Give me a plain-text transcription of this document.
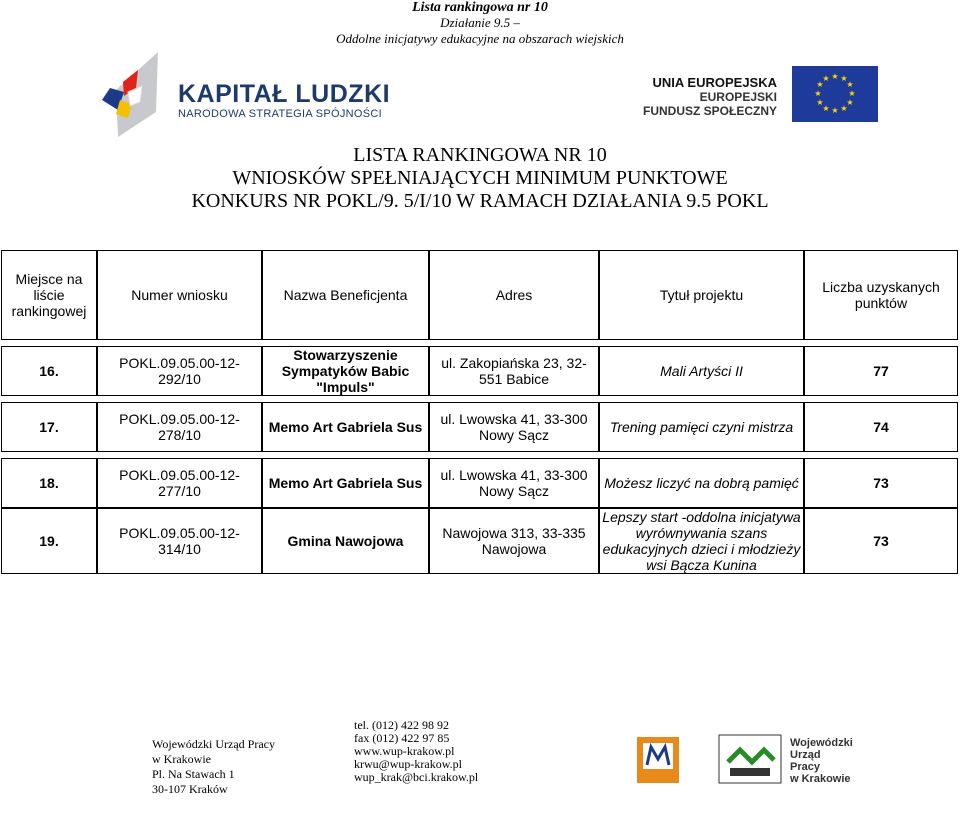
Lista rankingowa nr 10
Działanie 9.5 –
Oddolne inicjatywy edukacyjne na obszarach wiejskich
KAPITAŁ LUDZKI
NARODOWA STRATEGIA SPÓJNOŚCI
UNIA EUROPEJSKA
EUROPEJSKI
FUNDUSZ SPOŁECZNY
★ ★
★
★
★
★
★
★
★
★
★
★
LISTA RANKINGOWA NR 10
WNIOSKÓW SPEŁNIAJĄCYCH MINIMUM PUNKTOWE
KONKURS NR POKL/9. 5/I/10 W RAMACH DZIAŁANIA 9.5 POKL
Miejsce na liście rankingowej	Numer wniosku	Nazwa Beneficjenta	Adres	Tytuł projektu	Liczba uzyskanych punktów

16.	POKL.09.05.00-12-292/10	Stowarzyszenie Sympatyków Babic "Impuls"	ul. Zakopiańska 23, 32-551 Babice	Mali Artyści II	77

17.	POKL.09.05.00-12-278/10	Memo Art Gabriela Sus	ul. Lwowska 41, 33-300 Nowy Sącz	Trening pamięci czyni mistrza	74

18.	POKL.09.05.00-12-277/10	Memo Art Gabriela Sus	ul. Lwowska 41, 33-300 Nowy Sącz	Możesz liczyć na dobrą pamięć	73
19.	POKL.09.05.00-12-314/10	Gmina Nawojowa	Nawojowa 313, 33-335 Nawojowa	Lepszy start -oddolna inicjatywa wyrównywania szans edukacyjnych dzieci i młodzieży wsi Bącza Kunina	73
Wojewódzki Urząd Pracy
w Krakowie
Pl. Na Stawach 1
30-107 Kraków
tel. (012) 422 98 92
fax (012) 422 97 85
www.wup-krakow.pl
krwu@wup-krakow.pl
wup_krak@bci.krakow.pl
Wojewódzki
Urząd
Pracy
w Krakowie
